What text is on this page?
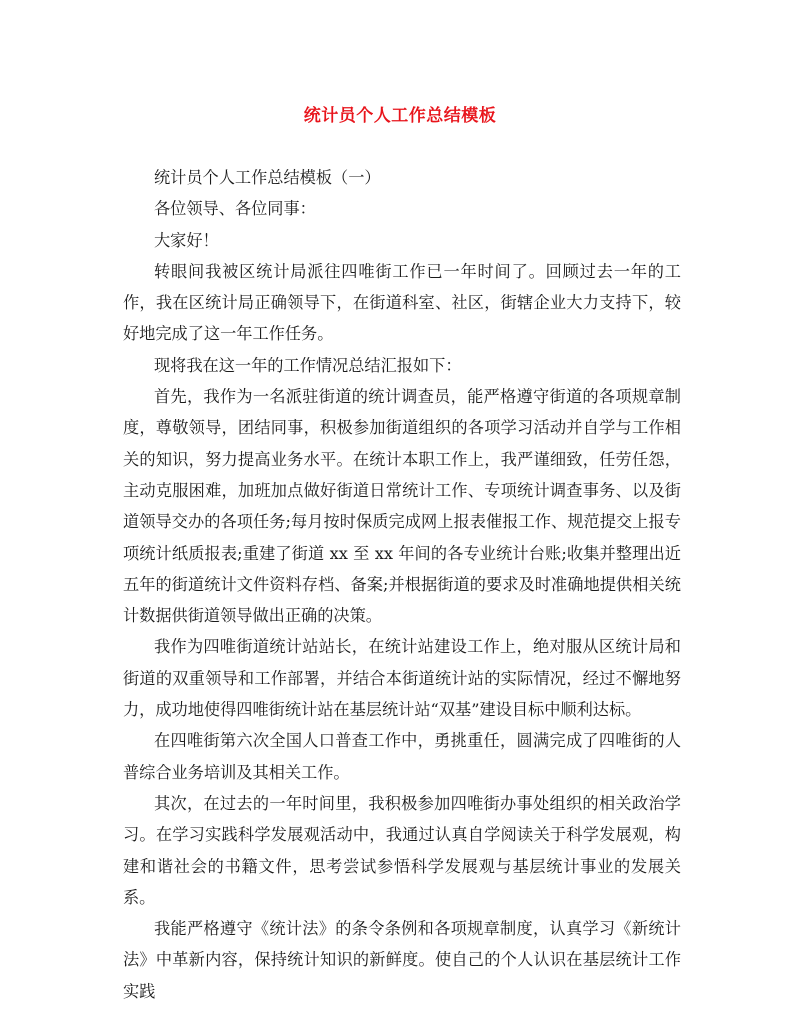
统计员个人工作总结模板

统计员个人工作总结模板（一）

各位领导、各位同事：

大家好！

转眼间我被区统计局派往四唯街工作已一年时间了。回顾过去一年的工作，我在区统计局正确领导下，在街道科室、社区，街辖企业大力支持下，较好地完成了这一年工作任务。

现将我在这一年的工作情况总结汇报如下：

首先，我作为一名派驻街道的统计调查员，能严格遵守街道的各项规章制度，尊敬领导，团结同事，积极参加街道组织的各项学习活动并自学与工作相关的知识，努力提高业务水平。在统计本职工作上，我严谨细致，任劳任怨，主动克服困难，加班加点做好街道日常统计工作、专项统计调查事务、以及街道领导交办的各项任务;每月按时保质完成网上报表催报工作、规范提交上报专项统计纸质报表;重建了街道 xx 至 xx 年间的各专业统计台账;收集并整理出近五年的街道统计文件资料存档、备案;并根据街道的要求及时准确地提供相关统计数据供街道领导做出正确的决策。

我作为四唯街道统计站站长，在统计站建设工作上，绝对服从区统计局和街道的双重领导和工作部署，并结合本街道统计站的实际情况，经过不懈地努力，成功地使得四唯街统计站在基层统计站“双基”建设目标中顺利达标。

在四唯街第六次全国人口普查工作中，勇挑重任，圆满完成了四唯街的人普综合业务培训及其相关工作。

其次，在过去的一年时间里，我积极参加四唯街办事处组织的相关政治学习。在学习实践科学发展观活动中，我通过认真自学阅读关于科学发展观，构建和谐社会的书籍文件，思考尝试参悟科学发展观与基层统计事业的发展关系。

我能严格遵守《统计法》的条令条例和各项规章制度，认真学习《新统计法》中革新内容，保持统计知识的新鲜度。使自己的个人认识在基层统计工作实践
